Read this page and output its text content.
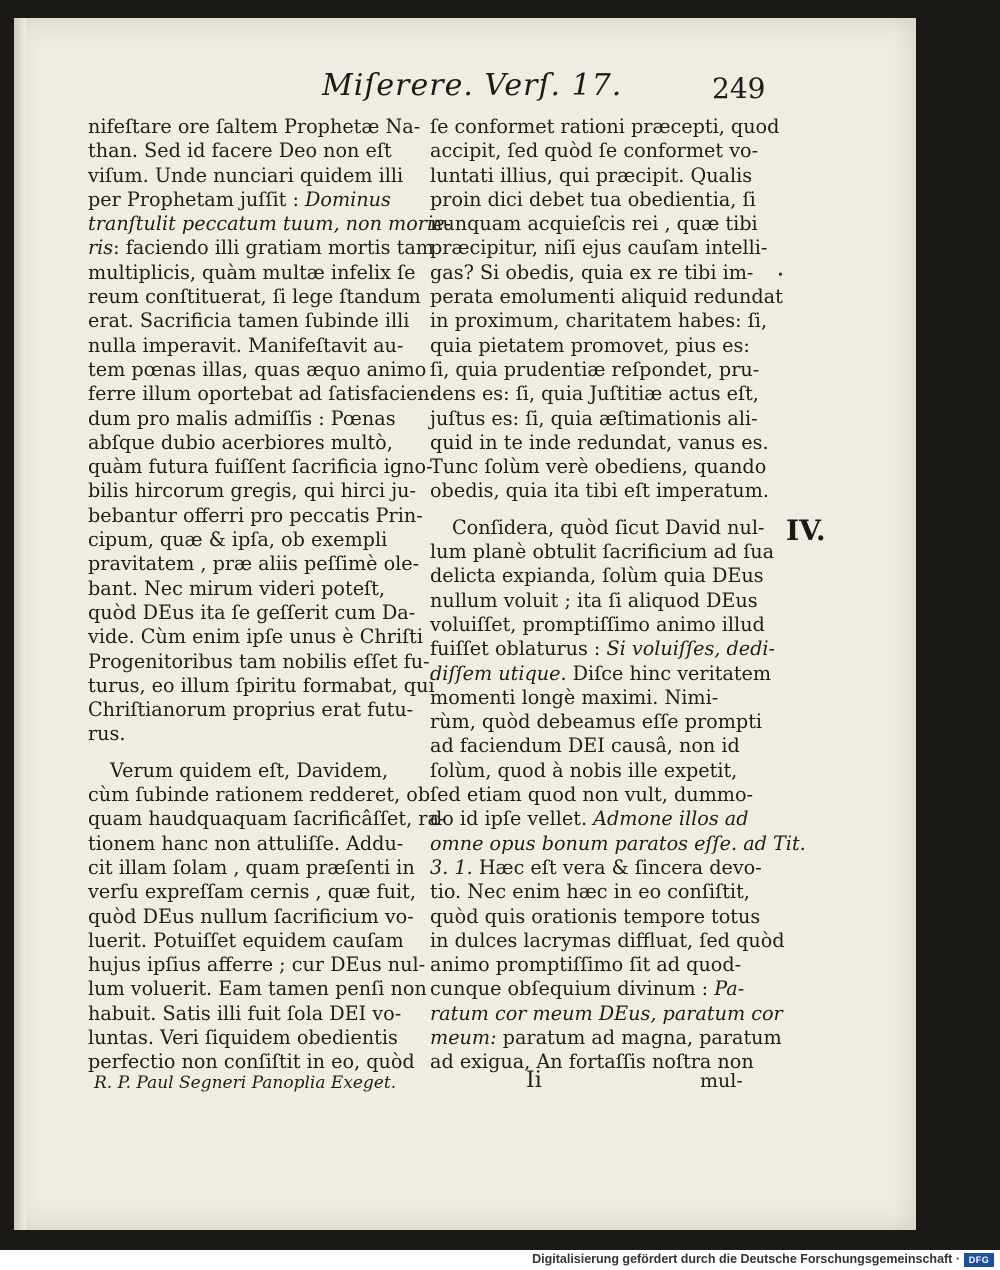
Miſerere. Verſ. 17.	249
nifeſtare ore ſaltem Prophetæ Na-
than. Sed id facere Deo non eſt
viſum. Unde nunciari quidem illi
per Prophetam juſſit : Dominus
tranſtulit peccatum tuum, non morie-
ris: faciendo illi gratiam mortis tam
multiplicis, quàm multæ infelix ſe
reum conſtituerat, ſi lege ſtandum
erat. Sacrificia tamen ſubinde illi
nulla imperavit. Manifeſtavit au-
tem pœnas illas, quas æquo animo
ferre illum oportebat ad ſatisfacien-
dum pro malis admiſſis : Pœnas
abſque dubio acerbiores multò,
quàm futura fuiſſent ſacrificia igno-
bilis hircorum gregis, qui hirci ju-
bebantur offerri pro peccatis Prin-
cipum, quæ & ipſa, ob exempli
pravitatem , præ aliis peſſimè ole-
bant. Nec mirum videri poteſt,
quòd DEus ita ſe geſſerit cum Da-
vide. Cùm enim ipſe unus è Chriſti
Progenitoribus tam nobilis eſſet fu-
turus, eo illum ſpiritu formabat, qui
Chriſtianorum proprius erat futu-
rus.
Verum quidem eſt, Davidem,
cùm ſubinde rationem redderet, ob
quam haudquaquam ſacrificâſſet, ra-
tionem hanc non attuliſſe. Addu-
cit illam ſolam , quam præſenti in
verſu expreſſam cernis , quæ fuit,
quòd DEus nullum ſacrificium vo-
luerit. Potuiſſet equidem cauſam
hujus ipſius afferre ; cur DEus nul-
lum voluerit. Eam tamen penſi non
habuit. Satis illi fuit ſola DEI vo-
luntas. Veri ſiquidem obedientis
perfectio non conſiſtit in eo, quòd
ſe conformet rationi præcepti, quod
accipit, ſed quòd ſe conformet vo-
luntati illius, qui præcipit. Qualis
proin dici debet tua obedientia, ſi
nunquam acquieſcis rei , quæ tibi
præcipitur, niſi ejus cauſam intelli-
gas? Si obedis, quia ex re tibi im-
perata emolumenti aliquid redundat
in proximum, charitatem habes: ſi,
quia pietatem promovet, pius es:
ſi, quia prudentiæ reſpondet, pru-
dens es: ſi, quia Juſtitiæ actus eſt,
juſtus es: ſi, quia æſtimationis ali-
quid in te inde redundat, vanus es.
Tunc ſolùm verè obediens, quando
obedis, quia ita tibi eſt imperatum.
Conſidera, quòd ſicut David nul-
lum planè obtulit ſacrificium ad ſua
delicta expianda, ſolùm quia DEus
nullum voluit ; ita ſi aliquod DEus
voluiſſet, promptiſſimo animo illud
fuiſſet oblaturus : Si voluiſſes, dedi-
diſſem utique. Diſce hinc veritatem
momenti longè maximi. Nimi-
rùm, quòd debeamus eſſe prompti
ad faciendum DEI causâ, non id
ſolùm, quod à nobis ille expetit,
ſed etiam quod non vult, dummo-
do id ipſe vellet. Admone illos ad
omne opus bonum paratos eſſe. ad Tit.
3. 1. Hæc eſt vera & ſincera devo-
tio. Nec enim hæc in eo conſiſtit,
quòd quis orationis tempore totus
in dulces lacrymas diffluat, ſed quòd
animo promptiſſimo ſit ad quod-
cunque obſequium divinum : Pa-
ratum cor meum DEus, paratum cor
meum: paratum ad magna, paratum
ad exigua, An fortaſſis noſtra non
•
IV.
R. P. Paul Segneri Panoplia Exeget.	Ii	mul-
Digitalisierung gefördert durch die Deutsche Forschungsgemeinschaft · DFG
